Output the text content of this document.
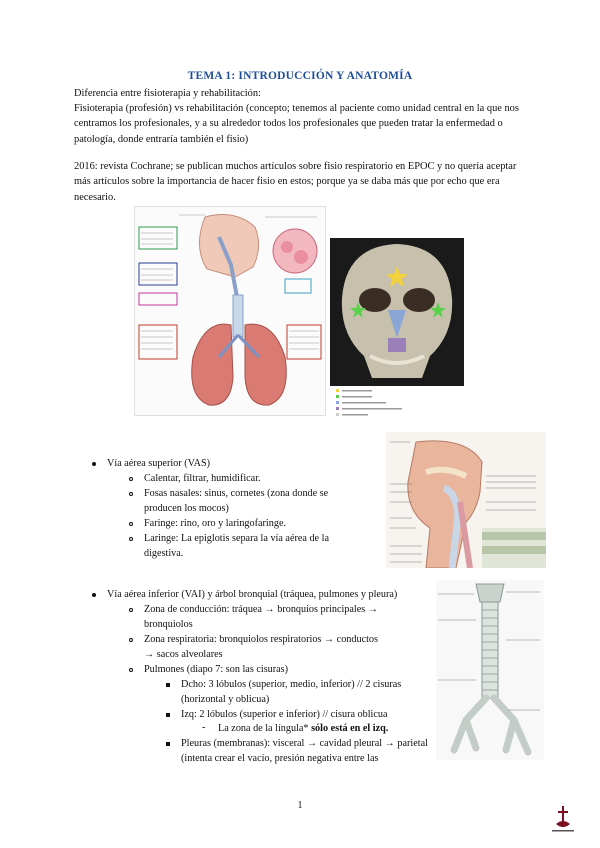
TEMA 1: INTRODUCCIÓN Y ANATOMÍA
Diferencia entre fisioterapia y rehabilitación:
Fisioterapia (profesión) vs rehabilitación (concepto; tenemos al paciente como unidad central en la que nos centramos los profesionales, y a su alrededor todos los profesionales que pueden tratar la enfermedad o patología, donde entraría también el fisio)
2016: revista Cochrane; se publican muchos artículos sobre fisio respiratorio en EPOC y no quería aceptar más artículos sobre la importancia de hacer fisio en estos; porque ya se daba más que por echo que era necesario.
Vía aérea superior (VAS)
Calentar, filtrar, humidificar.
Fosas nasales: sinus, cornetes (zona donde se producen los mocos)
Faringe: rino, oro y laringofaringe.
Laringe: La epiglotis separa la vía aérea de la digestiva.
Vía aérea inferior (VAI) y árbol bronquial (tráquea, pulmones y pleura)
Zona de conducción: tráquea → bronquios principales → bronquiolos
Zona respiratoria: bronquiolos respiratorios → conductos → sacos alveolares
Pulmones (diapo 7: son las cisuras)
Dcho: 3 lóbulos (superior, medio, inferior) // 2 cisuras (horizontal y oblicua)
Izq: 2 lóbulos (superior e inferior) // cisura oblicua
- La zona de la língula* sólo está en el izq.
Pleuras (membranas): visceral → cavidad pleural → parietal (intenta crear el vacío, presión negativa entre las
1
